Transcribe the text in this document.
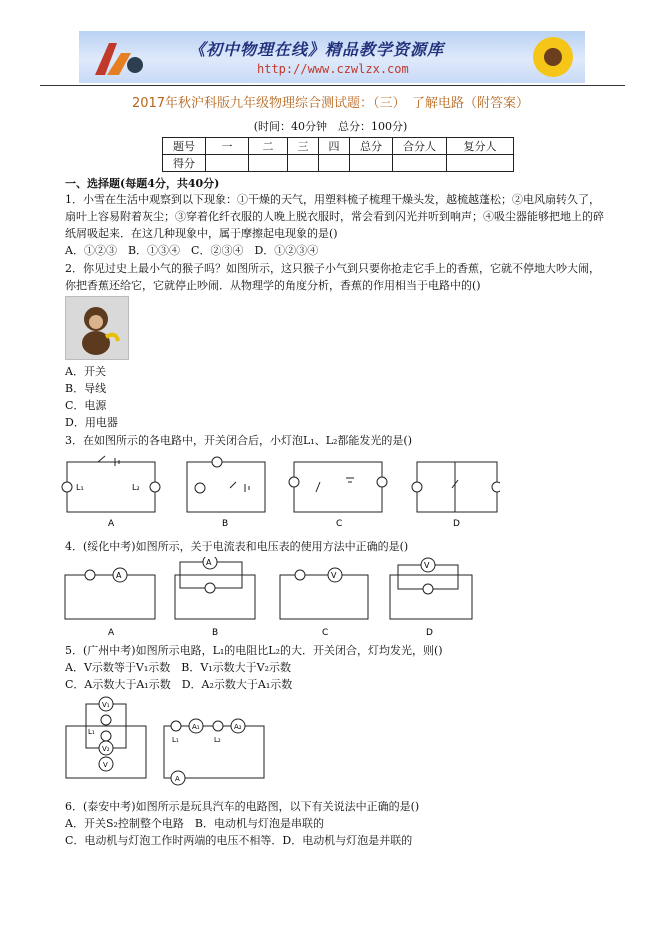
《初中物理在线》精品教学资源库
http://www.czwlzx.com
2017年秋沪科版九年级物理综合测试题：（三）　了解电路（附答案）
(时间：40分钟　总分：100分)
题号	一	二	三	四	总分	合分人	复分人
得分							
一、选择题(每题4分，共40分)
1．小雪在生活中观察到以下现象：①干燥的天气，用塑料梳子梳理干燥头发，越梳越蓬松；②电风扇转久了，
扇叶上容易附着灰尘；③穿着化纤衣服的人晚上脱衣服时，常会看到闪光并听到响声；④吸尘器能够把地上的碎
纸屑吸起来．在这几种现象中，属于摩擦起电现象的是()
A．①②③　B．①③④　C．②③④　D．①②③④
2．你见过史上最小气的猴子吗？如图所示，这只猴子小气到只要你抢走它手上的香蕉，它就不停地大吵大闹，
你把香蕉还给它，它就停止吵闹．从物理学的角度分析，香蕉的作用相当于电路中的()
A．开关
B．导线
C．电源
D．用电器
3．在如图所示的各电路中，开关闭合后，小灯泡L₁、L₂都能发光的是()
L₁	L₂
A	B	C	D
4．(绥化中考)如图所示，关于电流表和电压表的使用方法中正确的是()
A
A
V
V
A	B	C	D
5．(广州中考)如图所示电路，L₁的电阻比L₂的大．开关闭合，灯均发光，则()
A．V示数等于V₁示数　B．V₁示数大于V₂示数
C．A示数大于A₁示数　D．A₂示数大于A₁示数
V₁
V₂
V
L₁
L₁	L₂
A₁	A₂
A
6．(泰安中考)如图所示是玩具汽车的电路图，以下有关说法中正确的是()
A．开关S₂控制整个电路　B．电动机与灯泡是串联的
C．电动机与灯泡工作时两端的电压不相等．D．电动机与灯泡是并联的
